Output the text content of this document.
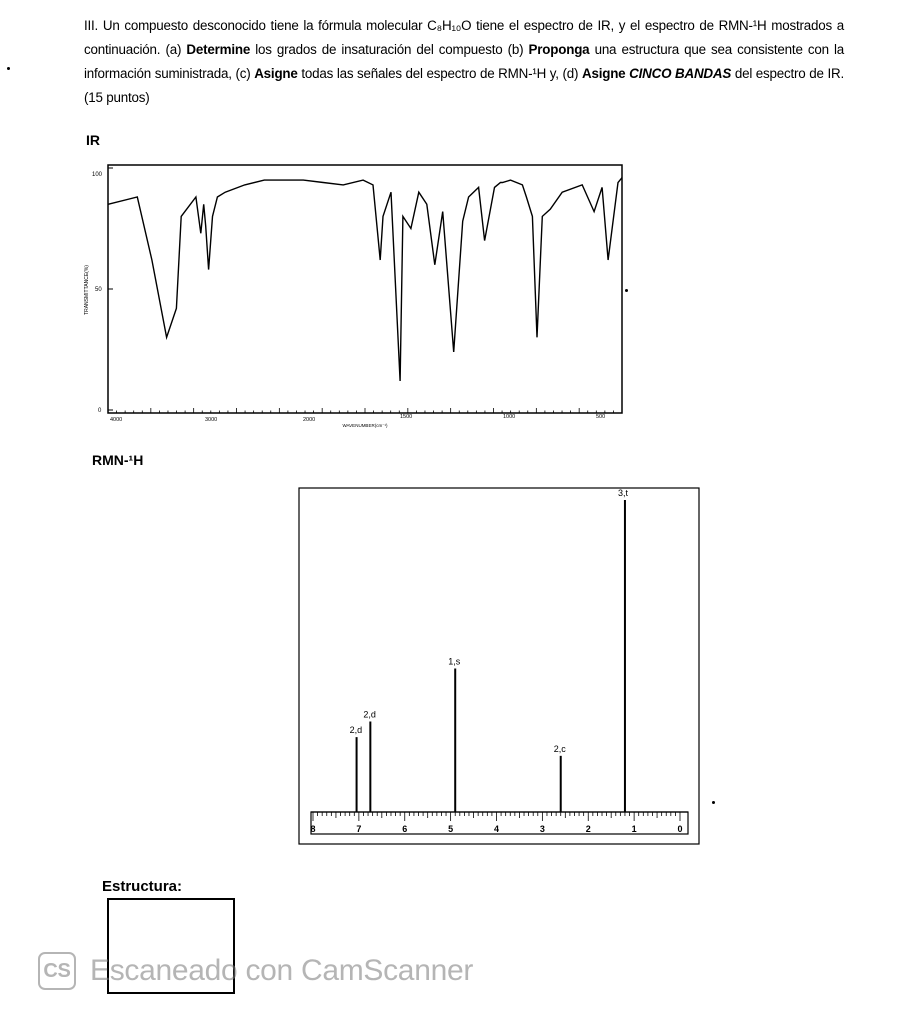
III. Un compuesto desconocido tiene la fórmula molecular C₈H₁₀O tiene el espectro de IR, y el espectro de RMN-¹H mostrados a continuación. (a) Determine los grados de insaturación del compuesto (b) Proponga una estructura que sea consistente con la información suministrada, (c) Asigne todas las señales del espectro de RMN-¹H y, (d) Asigne CINCO BANDAS del espectro de IR. (15 puntos)
IR
100
50
0
TRANSMITTANCE(%)
4000	3000	2000	1500	1000	500
WAVENUMBER(cm⁻¹)
RMN-¹H
8	7	6	5	4	3	2	1	0
2,d
2,d
1,s
2,c
3,t
Estructura:
CS Escaneado con CamScanner
